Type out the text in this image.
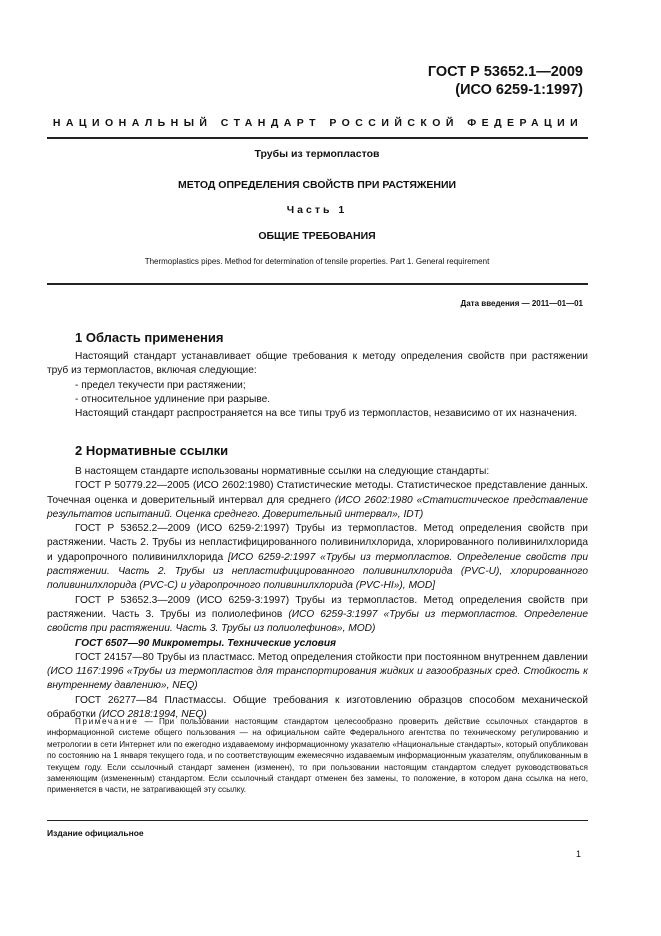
ГОСТ Р 53652.1—2009
(ИСО 6259-1:1997)
НАЦИОНАЛЬНЫЙ СТАНДАРТ РОССИЙСКОЙ ФЕДЕРАЦИИ
Трубы из термопластов
МЕТОД ОПРЕДЕЛЕНИЯ СВОЙСТВ ПРИ РАСТЯЖЕНИИ
Часть 1
ОБЩИЕ ТРЕБОВАНИЯ
Thermoplastics pipes. Method for determination of tensile properties. Part 1. General requirement
Дата введения — 2011—01—01
1 Область применения

Настоящий стандарт устанавливает общие требования к методу определения свойств при растяжении труб из термопластов, включая следующие:

- предел текучести при растяжении;

- относительное удлинение при разрыве.

Настоящий стандарт распространяется на все типы труб из термопластов, независимо от их назначения.

2 Нормативные ссылки

В настоящем стандарте использованы нормативные ссылки на следующие стандарты:

ГОСТ Р 50779.22—2005 (ИСО 2602:1980) Статистические методы. Статистическое представление данных. Точечная оценка и доверительный интервал для среднего (ИСО 2602:1980 «Статистическое представление результатов испытаний. Оценка среднего. Доверительный интервал», IDT)

ГОСТ Р 53652.2—2009 (ИСО 6259-2:1997) Трубы из термопластов. Метод определения свойств при растяжении. Часть 2. Трубы из непластифицированного поливинилхлорида, хлорированного поливинилхлорида и ударопрочного поливинилхлорида [ИСО 6259-2:1997 «Трубы из термопластов. Определение свойств при растяжении. Часть 2. Трубы из непластифицированного поливинилхлорида (PVC-U), хлорированного поливинилхлорида (PVC-C) и ударопрочного поливинилхлорида (PVC-HI»), MOD]

ГОСТ Р 53652.3—2009 (ИСО 6259-3:1997) Трубы из термопластов. Метод определения свойств при растяжении. Часть 3. Трубы из полиолефинов (ИСО 6259-3:1997 «Трубы из термопластов. Определение свойств при растяжении. Часть 3. Трубы из полиолефинов», MOD)

ГОСТ 6507—90 Микрометры. Технические условия

ГОСТ 24157—80 Трубы из пластмасс. Метод определения стойкости при постоянном внутреннем давлении (ИСО 1167:1996 «Трубы из термопластов для транспортирования жидких и газообразных сред. Стойкость к внутреннему давлению», NEQ)

ГОСТ 26277—84 Пластмассы. Общие требования к изготовлению образцов способом механической обработки (ИСО 2818:1994, NEQ)

Примечание — При пользовании настоящим стандартом целесообразно проверить действие ссылочных стандартов в информационной системе общего пользования — на официальном сайте Федерального агентства по техническому регулированию и метрологии в сети Интернет или по ежегодно издаваемому информационному указателю «Национальные стандарты», который опубликован по состоянию на 1 января текущего года, и по соответствующим ежемесячно издаваемым информационным указателям, опубликованным в текущем году. Если ссылочный стандарт заменен (изменен), то при пользовании настоящим стандартом следует руководствоваться заменяющим (измененным) стандартом. Если ссылочный стандарт отменен без замены, то положение, в котором дана ссылка на него, применяется в части, не затрагивающей эту ссылку.

Издание официальное
1
